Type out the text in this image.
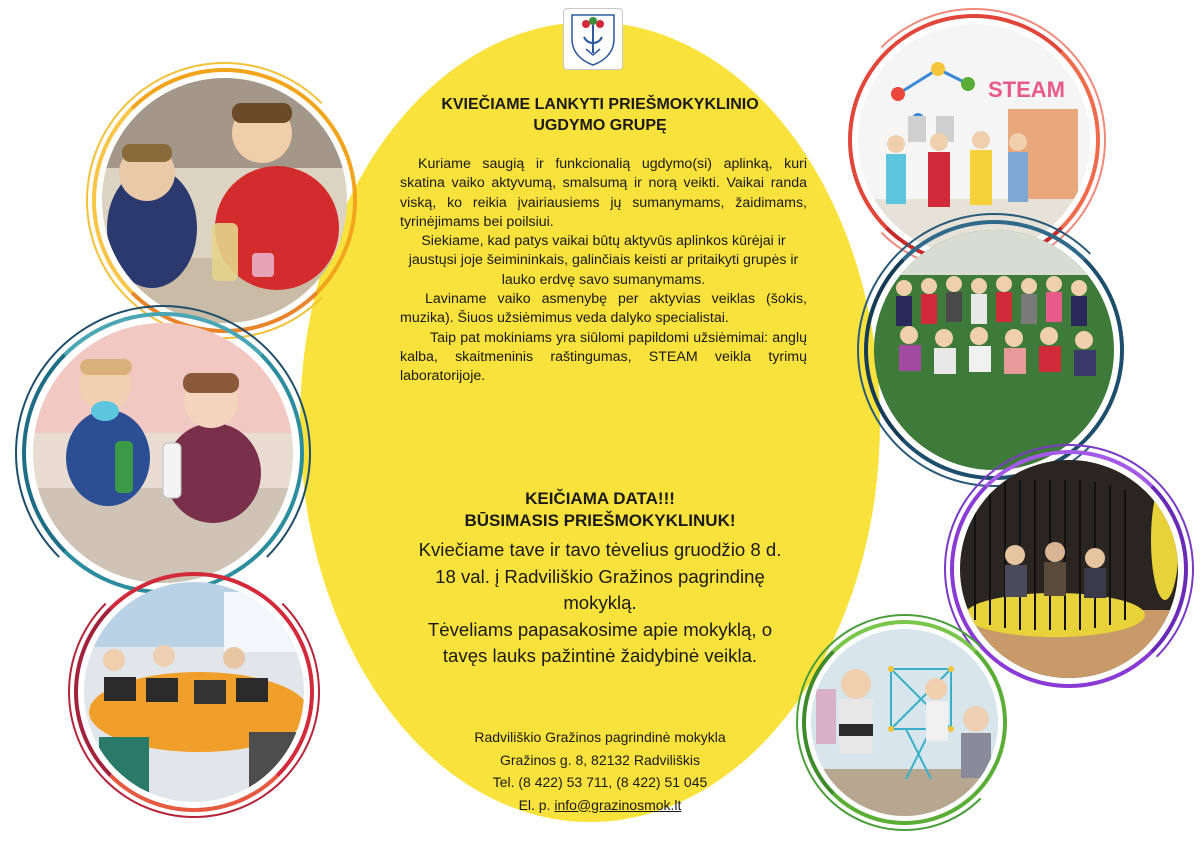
STEAM
KVIEČIAME LANKYTI PRIEŠMOKYKLINIO
UGDYMO GRUPĘ

Kuriame saugią ir funkcionalią ugdymo(si) aplinką, kuri skatina vaiko aktyvumą, smalsumą ir norą veikti. Vaikai randa viską, ko reikia įvairiausiems jų sumanymams, žaidimams, tyrinėjimams bei poilsiui.

Siekiame, kad patys vaikai būtų aktyvūs aplinkos kūrėjai ir jaustųsi joje šeimininkais, galinčiais keisti ar pritaikyti grupės ir lauko erdvę savo sumanymams.

Laviname vaiko asmenybę per aktyvias veiklas (šokis, muzika). Šiuos užsiėmimus veda dalyko specialistai.

Taip pat mokiniams yra siūlomi papildomi užsiėmimai: anglų kalba, skaitmeninis raštingumas, STEAM veikla tyrimų laboratorijoje.

KEIČIAMA DATA!!!
BŪSIMASIS PRIEŠMOKYKLINUK!

Kviečiame tave ir tavo tėvelius gruodžio 8 d. 18 val. į Radviliškio Gražinos pagrindinę mokyklą.

Tėveliams papasakosime apie mokyklą, o tavęs lauks pažintinė žaidybinė veikla.

Radviliškio Gražinos pagrindinė mokykla
Gražinos g. 8, 82132 Radviliškis
Tel. (8 422) 53 711, (8 422) 51 045
El. p. info@grazinosmok.lt
